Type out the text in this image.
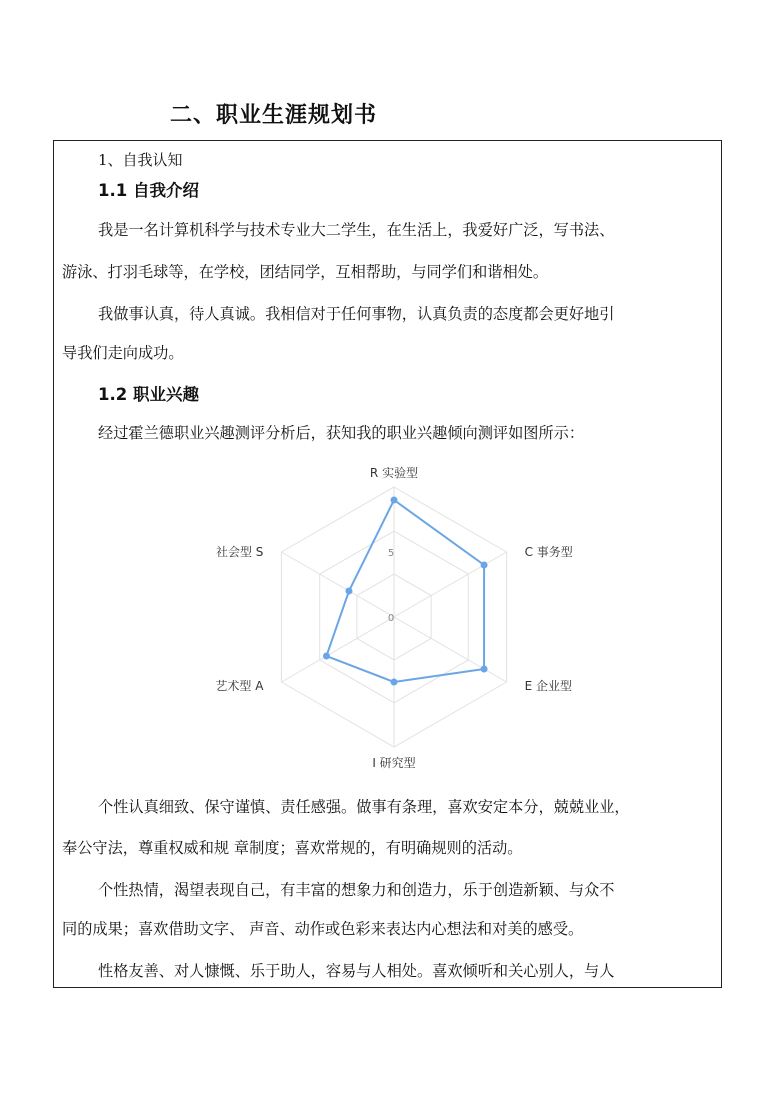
二、职业生涯规划书
1、自我认知
1.1 自我介绍
我是一名计算机科学与技术专业大二学生，在生活上，我爱好广泛，写书法、
游泳、打羽毛球等，在学校，团结同学，互相帮助，与同学们和谐相处。
我做事认真，待人真诚。我相信对于任何事物，认真负责的态度都会更好地引
导我们走向成功。
1.2 职业兴趣
经过霍兰德职业兴趣测评分析后，获知我的职业兴趣倾向测评如图所示：
0
5
R 实验型
C 事务型
E 企业型
I 研究型
艺术型 A
社会型 S
个性认真细致、保守谨慎、责任感强。做事有条理，喜欢安定本分，兢兢业业，
奉公守法，尊重权威和规 章制度；喜欢常规的，有明确规则的活动。
个性热情，渴望表现自己，有丰富的想象力和创造力，乐于创造新颖、与众不
同的成果；喜欢借助文字、 声音、动作或色彩来表达内心想法和对美的感受。
性格友善、对人慷慨、乐于助人，容易与人相处。喜欢倾听和关心别人，与人
